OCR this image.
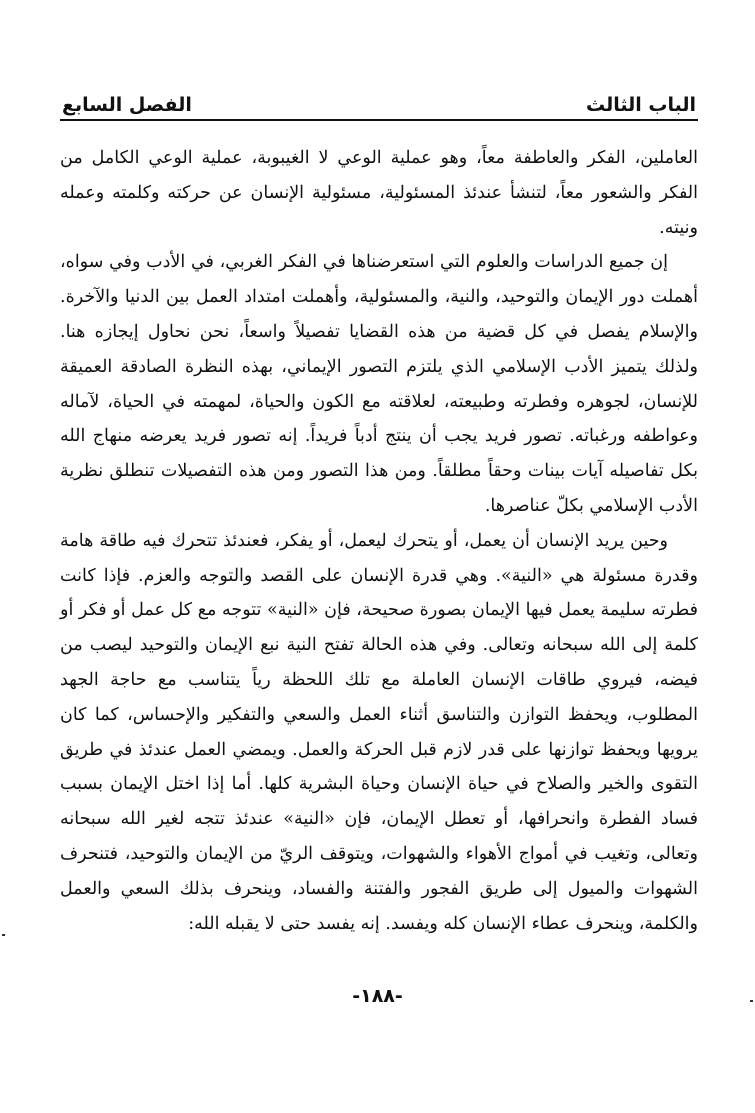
الباب الثالث
الفصل السابع

العاملين، الفكر والعاطفة معاً، وهو عملية الوعي لا الغيبوبة، عملية الوعي الكامل من الفكر والشعور معاً، لتنشأ عندئذ المسئولية، مسئولية الإنسان عن حركته وكلمته وعمله ونيته.

إن جميع الدراسات والعلوم التي استعرضناها في الفكر الغربي، في الأدب وفي سواه، أهملت دور الإيمان والتوحيد، والنية، والمسئولية، وأهملت امتداد العمل بين الدنيا والآخرة. والإسلام يفصل في كل قضية من هذه القضايا تفصيلاً واسعاً، نحن نحاول إيجازه هنا. ولذلك يتميز الأدب الإسلامي الذي يلتزم التصور الإيماني، بهذه النظرة الصادقة العميقة للإنسان، لجوهره وفطرته وطبيعته، لعلاقته مع الكون والحياة، لمهمته في الحياة، لآماله وعواطفه ورغباته. تصور فريد يجب أن ينتج أدباً فريداً. إنه تصور فريد يعرضه منهاج الله بكل تفاصيله آيات بينات وحقاً مطلقاً. ومن هذا التصور ومن هذه التفصيلات تنطلق نظرية الأدب الإسلامي بكلّ عناصرها.

وحين يريد الإنسان أن يعمل، أو يتحرك ليعمل، أو يفكر، فعندئذ تتحرك فيه طاقة هامة وقدرة مسئولة هي «النية». وهي قدرة الإنسان على القصد والتوجه والعزم. فإذا كانت فطرته سليمة يعمل فيها الإيمان بصورة صحيحة، فإن «النية» تتوجه مع كل عمل أو فكر أو كلمة إلى الله سبحانه وتعالى. وفي هذه الحالة تفتح النية نبع الإيمان والتوحيد ليصب من فيضه، فيروي طاقات الإنسان العاملة مع تلك اللحظة رياً يتناسب مع حاجة الجهد المطلوب، ويحفظ التوازن والتناسق أثناء العمل والسعي والتفكير والإحساس، كما كان يرويها ويحفظ توازنها على قدر لازم قبل الحركة والعمل. ويمضي العمل عندئذ في طريق التقوى والخير والصلاح في حياة الإنسان وحياة البشرية كلها. أما إذا اختل الإيمان بسبب فساد الفطرة وانحرافها، أو تعطل الإيمان، فإن «النية» عندئذ تتجه لغير الله سبحانه وتعالى، وتغيب في أمواج الأهواء والشهوات، ويتوقف الريّ من الإيمان والتوحيد، فتنحرف الشهوات والميول إلى طريق الفجور والفتنة والفساد، وينحرف بذلك السعي والعمل والكلمة، وينحرف عطاء الإنسان كله ويفسد. إنه يفسد حتى لا يقبله الله:

-١٨٨-
